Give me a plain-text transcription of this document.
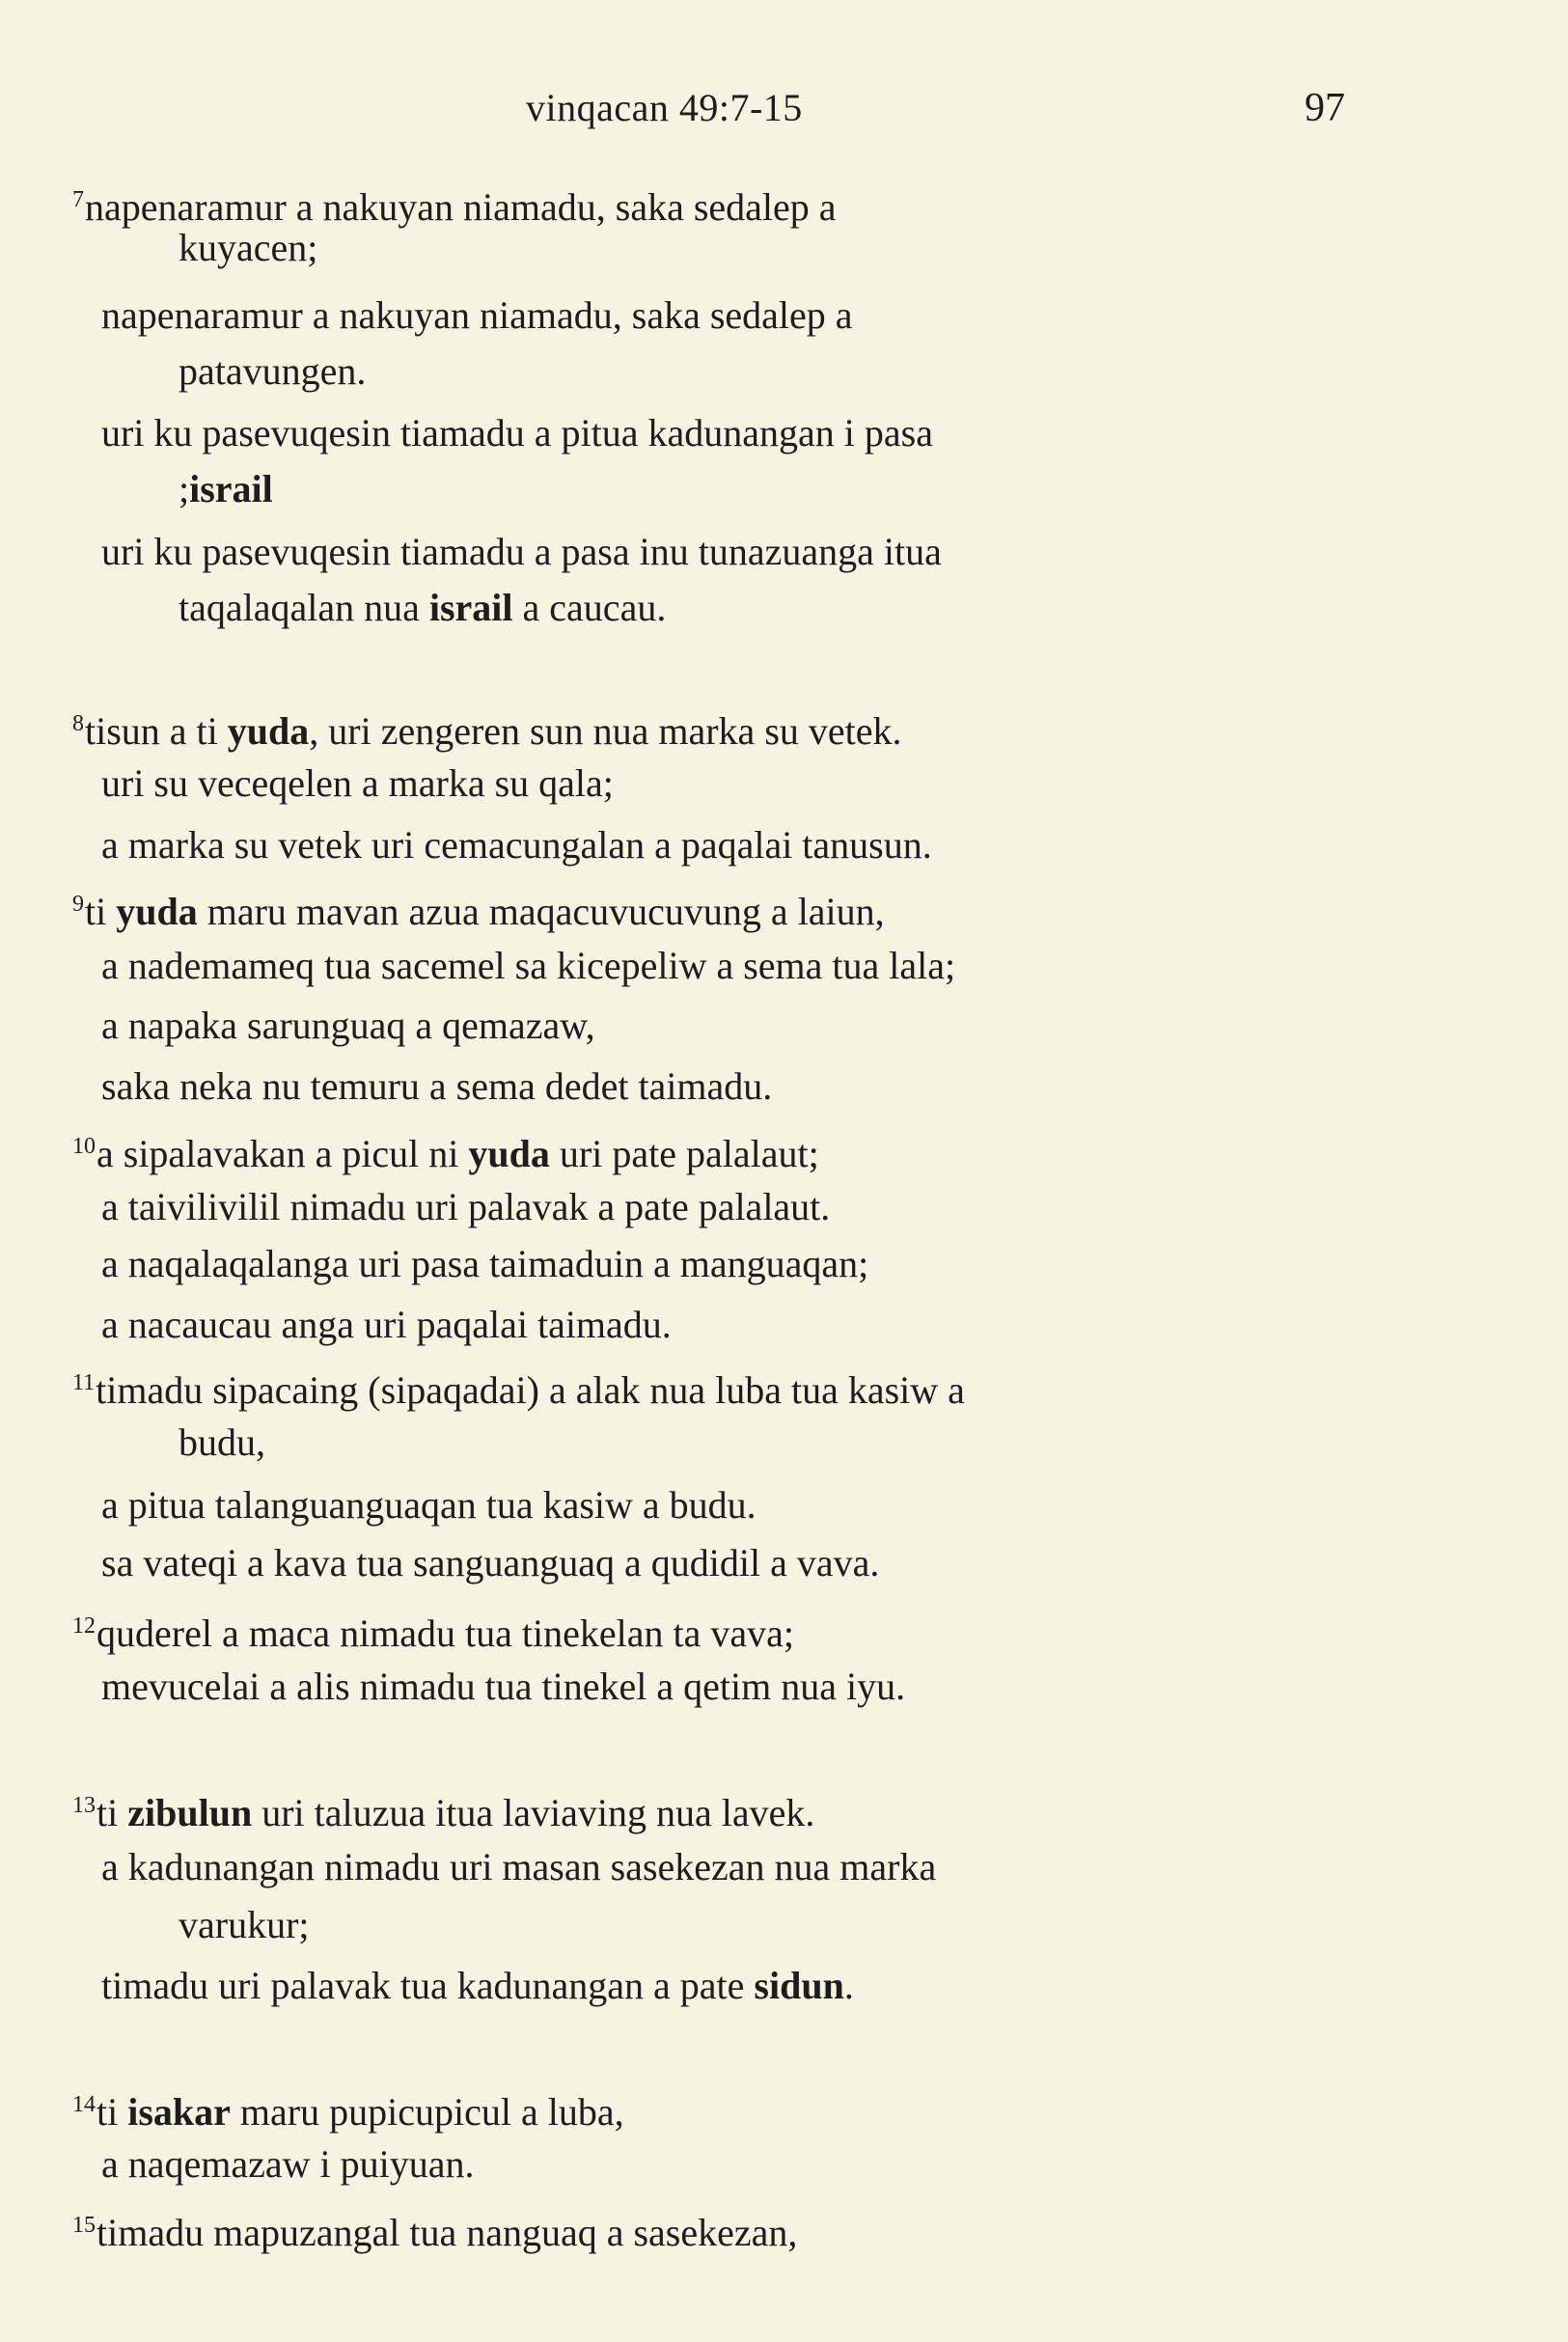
vinqacan 49:7-15	97
$^7$napenaramur a nakuyan niamadu, saka sedalep a
kuyacen;
napenaramur a nakuyan niamadu, saka sedalep a
patavungen.
uri ku pasevuqesin tiamadu a pitua kadunangan i pasa
;israil
uri ku pasevuqesin tiamadu a pasa inu tunazuanga itua
taqalaqalan nua israil a caucau.
$^8$tisun a ti yuda, uri zengeren sun nua marka su vetek.
uri su veceqelen a marka su qala;
a marka su vetek uri cemacungalan a paqalai tanusun.
$^9$ti yuda maru mavan azua maqacuvucuvung a laiun,
a nademameq tua sacemel sa kicepeliw a sema tua lala;
a napaka sarunguaq a qemazaw,
saka neka nu temuru a sema dedet taimadu.
$^{10}$a sipalavakan a picul ni yuda uri pate palalaut;
a taivilivilil nimadu uri palavak a pate palalaut.
a naqalaqalanga uri pasa taimaduin a manguaqan;
a nacaucau anga uri paqalai taimadu.
$^{11}$timadu sipacaing (sipaqadai) a alak nua luba tua kasiw a
budu,
a pitua talanguanguaqan tua kasiw a budu.
sa vateqi a kava tua sanguanguaq a qudidil a vava.
$^{12}$quderel a maca nimadu tua tinekelan ta vava;
mevucelai a alis nimadu tua tinekel a qetim nua iyu.
$^{13}$ti zibulun uri taluzua itua laviaving nua lavek.
a kadunangan nimadu uri masan sasekezan nua marka
varukur;
timadu uri palavak tua kadunangan a pate sidun.
$^{14}$ti isakar maru pupicupicul a luba,
a naqemazaw i puiyuan.
$^{15}$timadu mapuzangal tua nanguaq a sasekezan,
